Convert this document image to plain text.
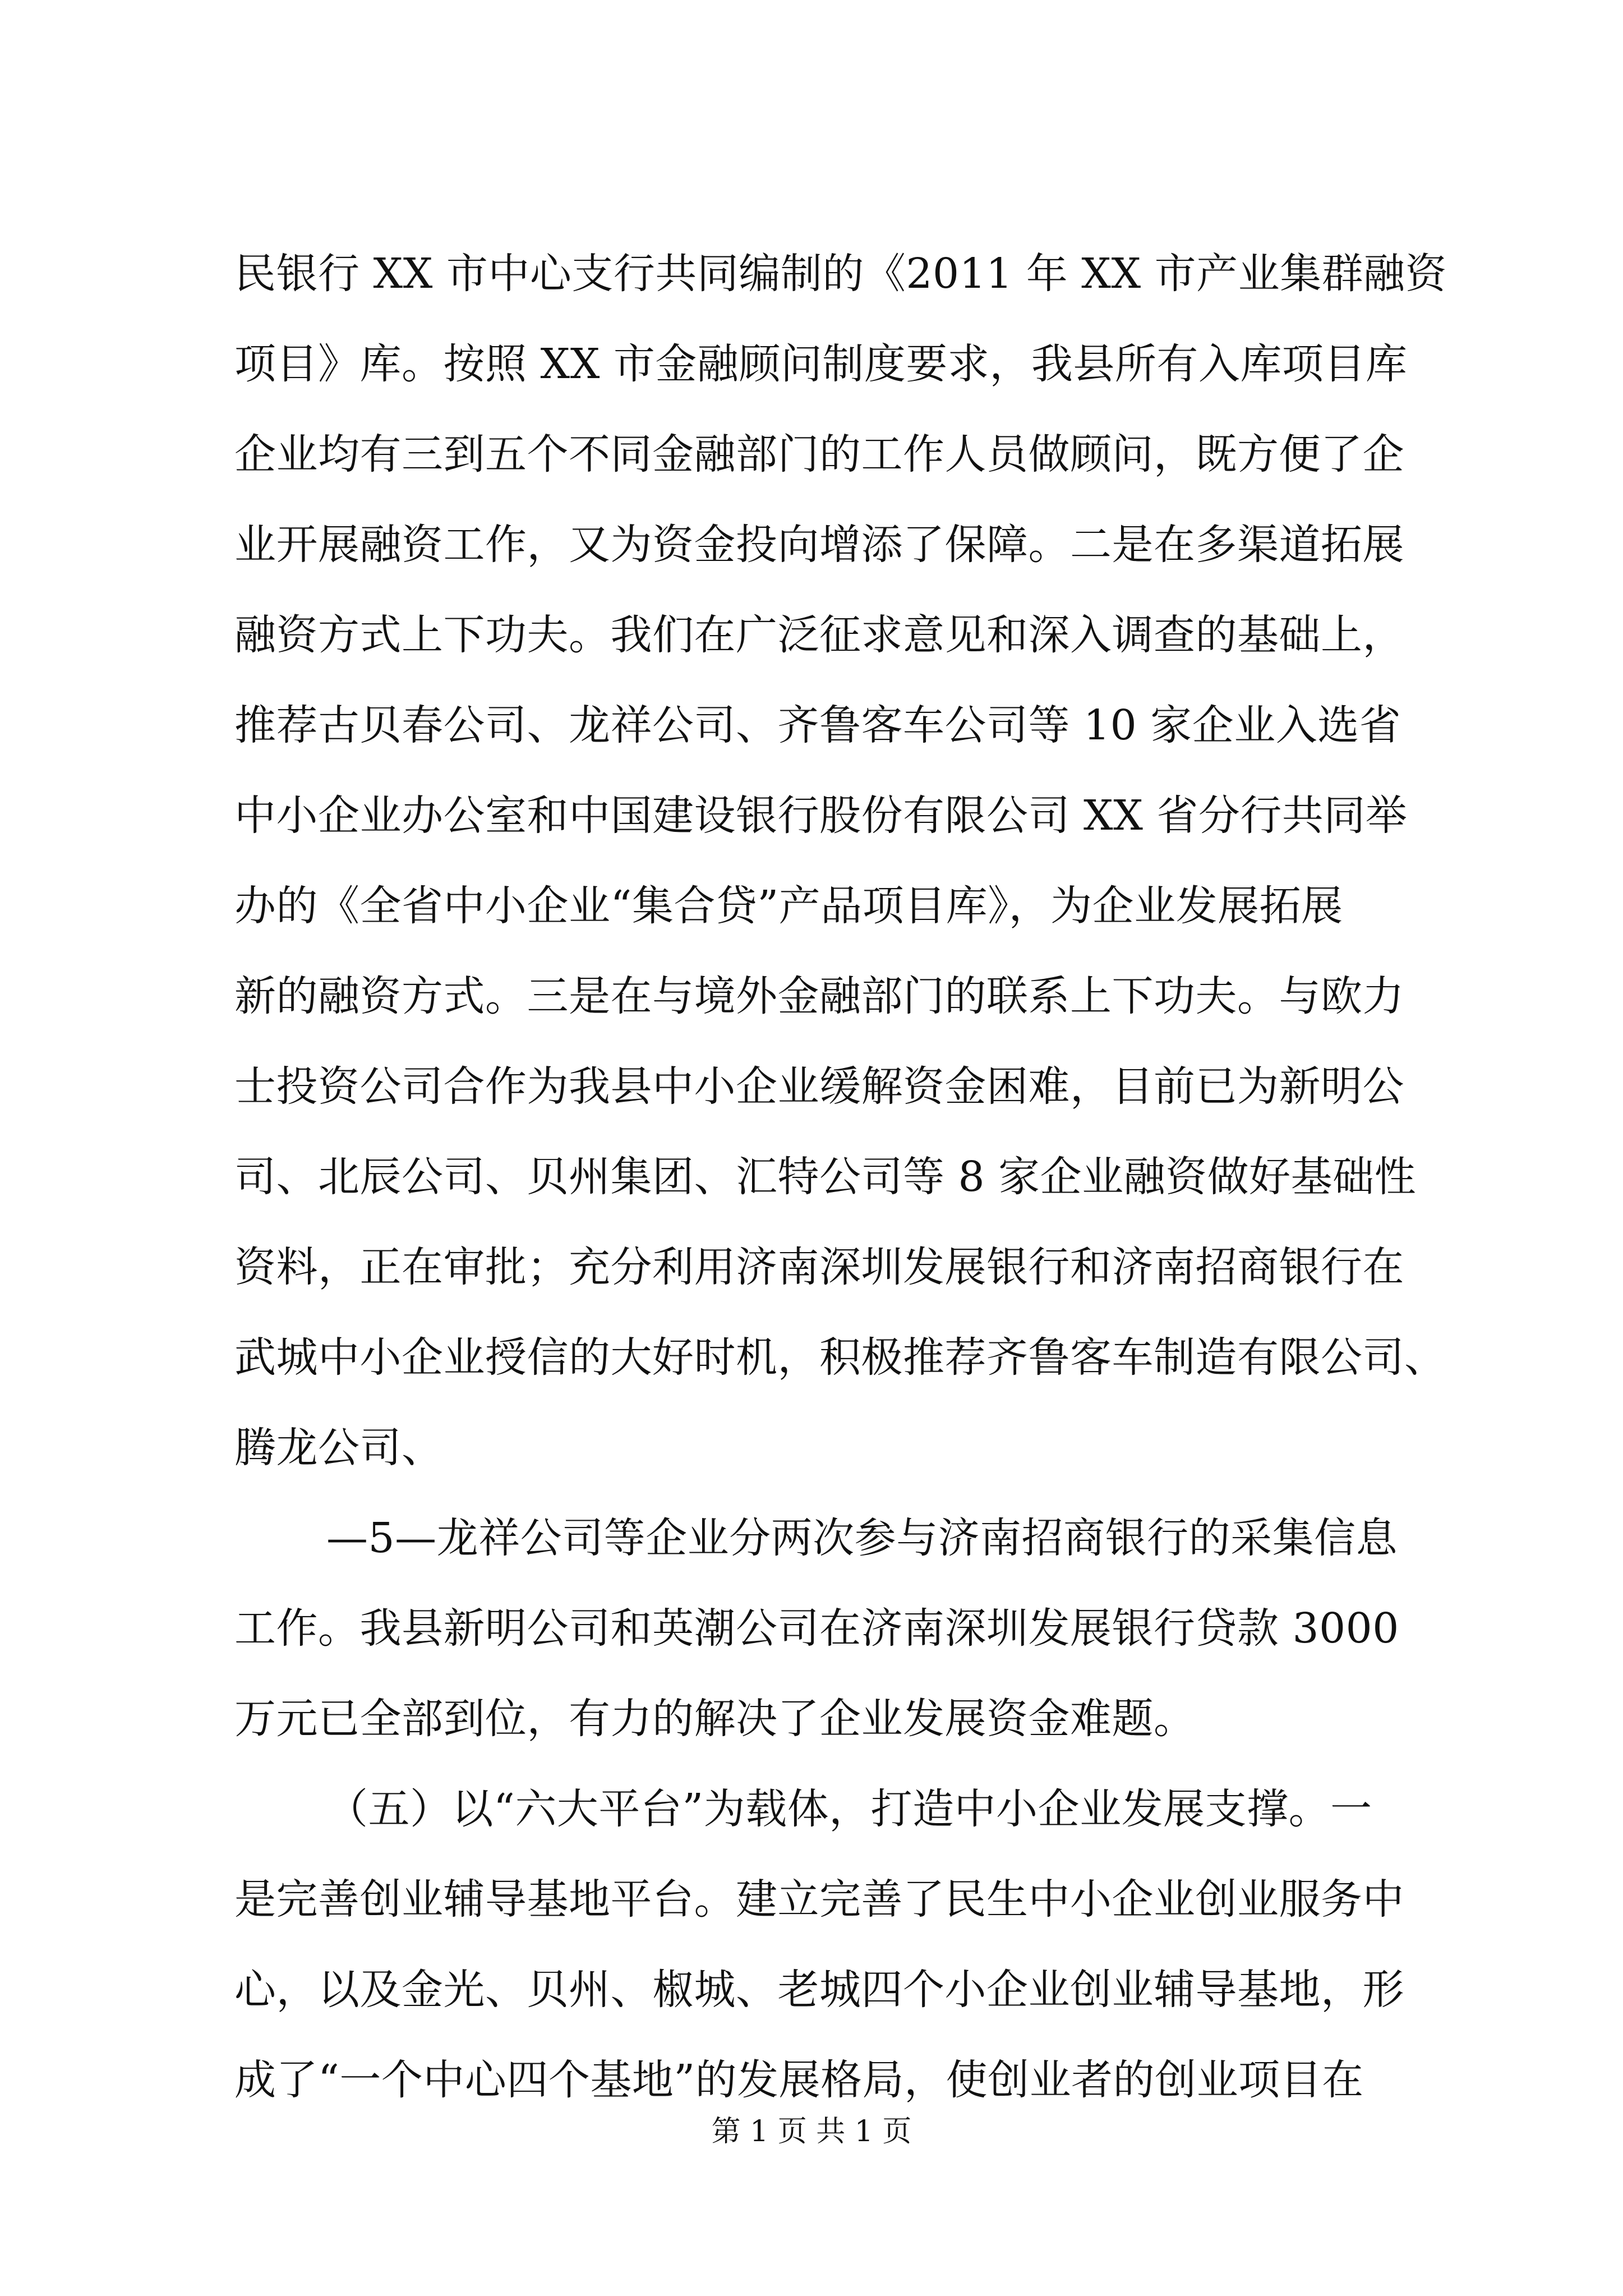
民银行 XX 市中心支行共同编制的《2011 年 XX 市产业集群融资
项目》库。按照 XX 市金融顾问制度要求，我县所有入库项目库
企业均有三到五个不同金融部门的工作人员做顾问，既方便了企
业开展融资工作，又为资金投向增添了保障。二是在多渠道拓展
融资方式上下功夫。我们在广泛征求意见和深入调查的基础上，
推荐古贝春公司、龙祥公司、齐鲁客车公司等 10 家企业入选省
中小企业办公室和中国建设银行股份有限公司 XX 省分行共同举
办的《全省中小企业“集合贷”产品项目库》，为企业发展拓展
新的融资方式。三是在与境外金融部门的联系上下功夫。与欧力
士投资公司合作为我县中小企业缓解资金困难，目前已为新明公
司、北辰公司、贝州集团、汇特公司等 8 家企业融资做好基础性
资料，正在审批；充分利用济南深圳发展银行和济南招商银行在
武城中小企业授信的大好时机，积极推荐齐鲁客车制造有限公司、
腾龙公司、
—5—龙祥公司等企业分两次参与济南招商银行的采集信息
工作。我县新明公司和英潮公司在济南深圳发展银行贷款 3000
万元已全部到位，有力的解决了企业发展资金难题。
（五）以“六大平台”为载体，打造中小企业发展支撑。一
是完善创业辅导基地平台。建立完善了民生中小企业创业服务中
心，以及金光、贝州、椒城、老城四个小企业创业辅导基地，形
成了“一个中心四个基地”的发展格局，使创业者的创业项目在
第 1 页 共 1 页
